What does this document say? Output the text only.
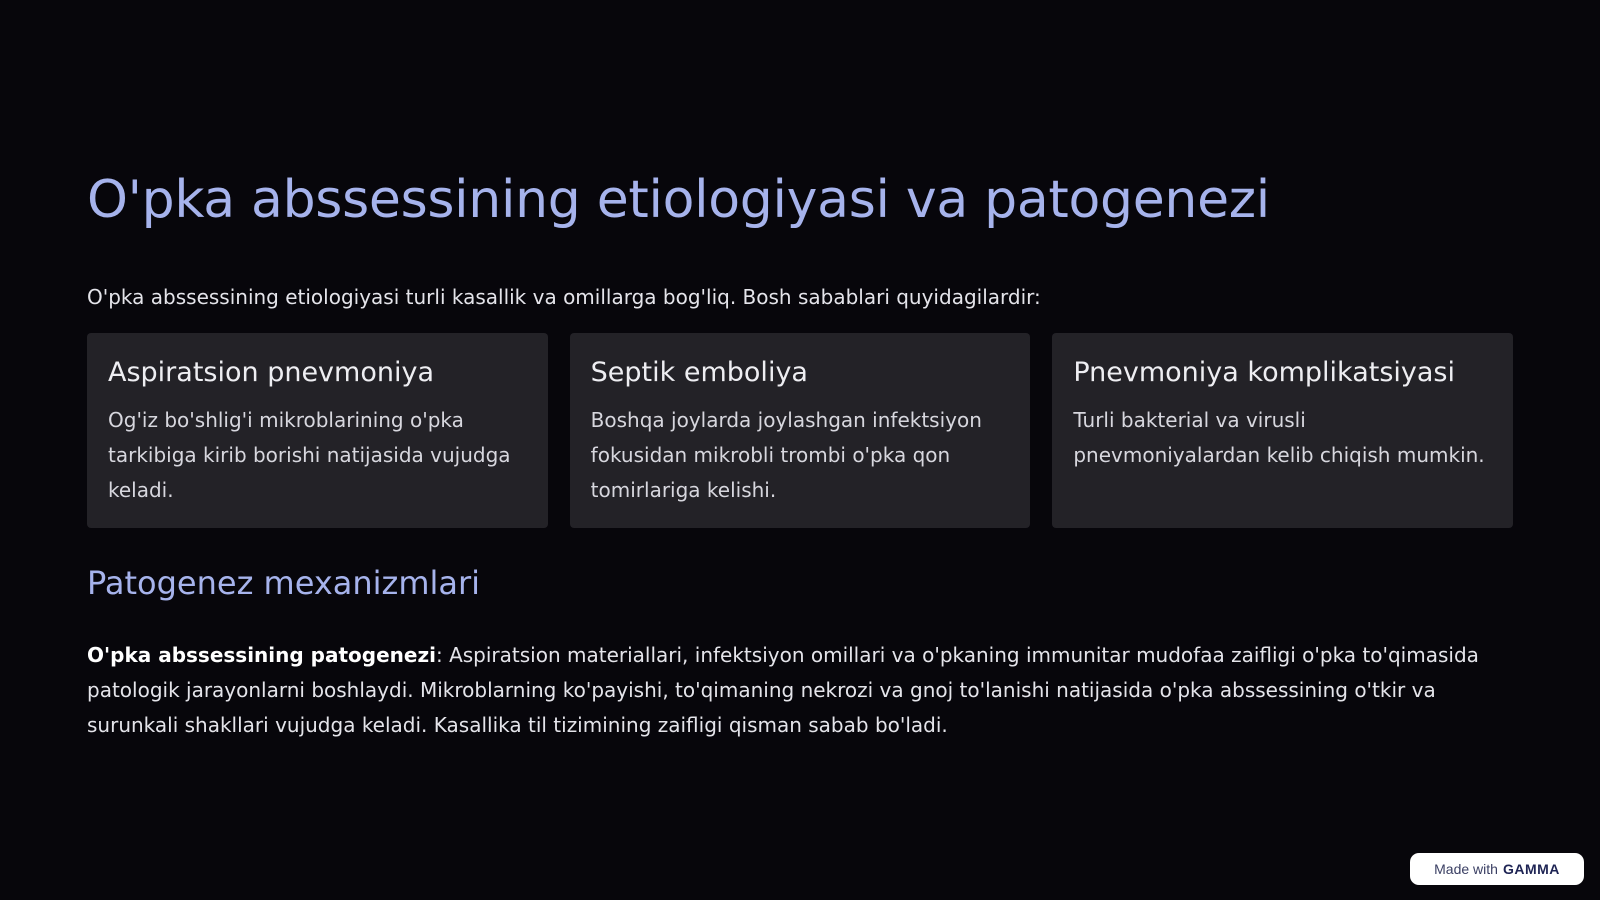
O'pka abssessining etiologiyasi va patogenezi

O'pka abssessining etiologiyasi turli kasallik va omillarga bog'liq. Bosh sabablari quyidagilardir:

Aspiratsion pnevmoniya

Og'iz bo'shlig'i mikroblarining o'pka tarkibiga kirib borishi natijasida vujudga keladi.

Septik emboliya

Boshqa joylarda joylashgan infektsiyon fokusidan mikrobli trombi o'pka qon tomirlariga kelishi.

Pnevmoniya komplikatsiyasi

Turli bakterial va virusli pnevmoniyalardan kelib chiqish mumkin.

Patogenez mexanizmlari

O'pka abssessining patogenezi: Aspiratsion materiallari, infektsiyon omillari va o'pkaning immunitar mudofaa zaifligi o'pka to'qimasida patologik jarayonlarni boshlaydi. Mikroblarning ko'payishi, to'qimaning nekrozi va gnoj to'lanishi natijasida o'pka abssessining o'tkir va surunkali shakllari vujudga keladi. Kasallika til tizimining zaifligi qisman sabab bo'ladi.

Made with GAMMA
